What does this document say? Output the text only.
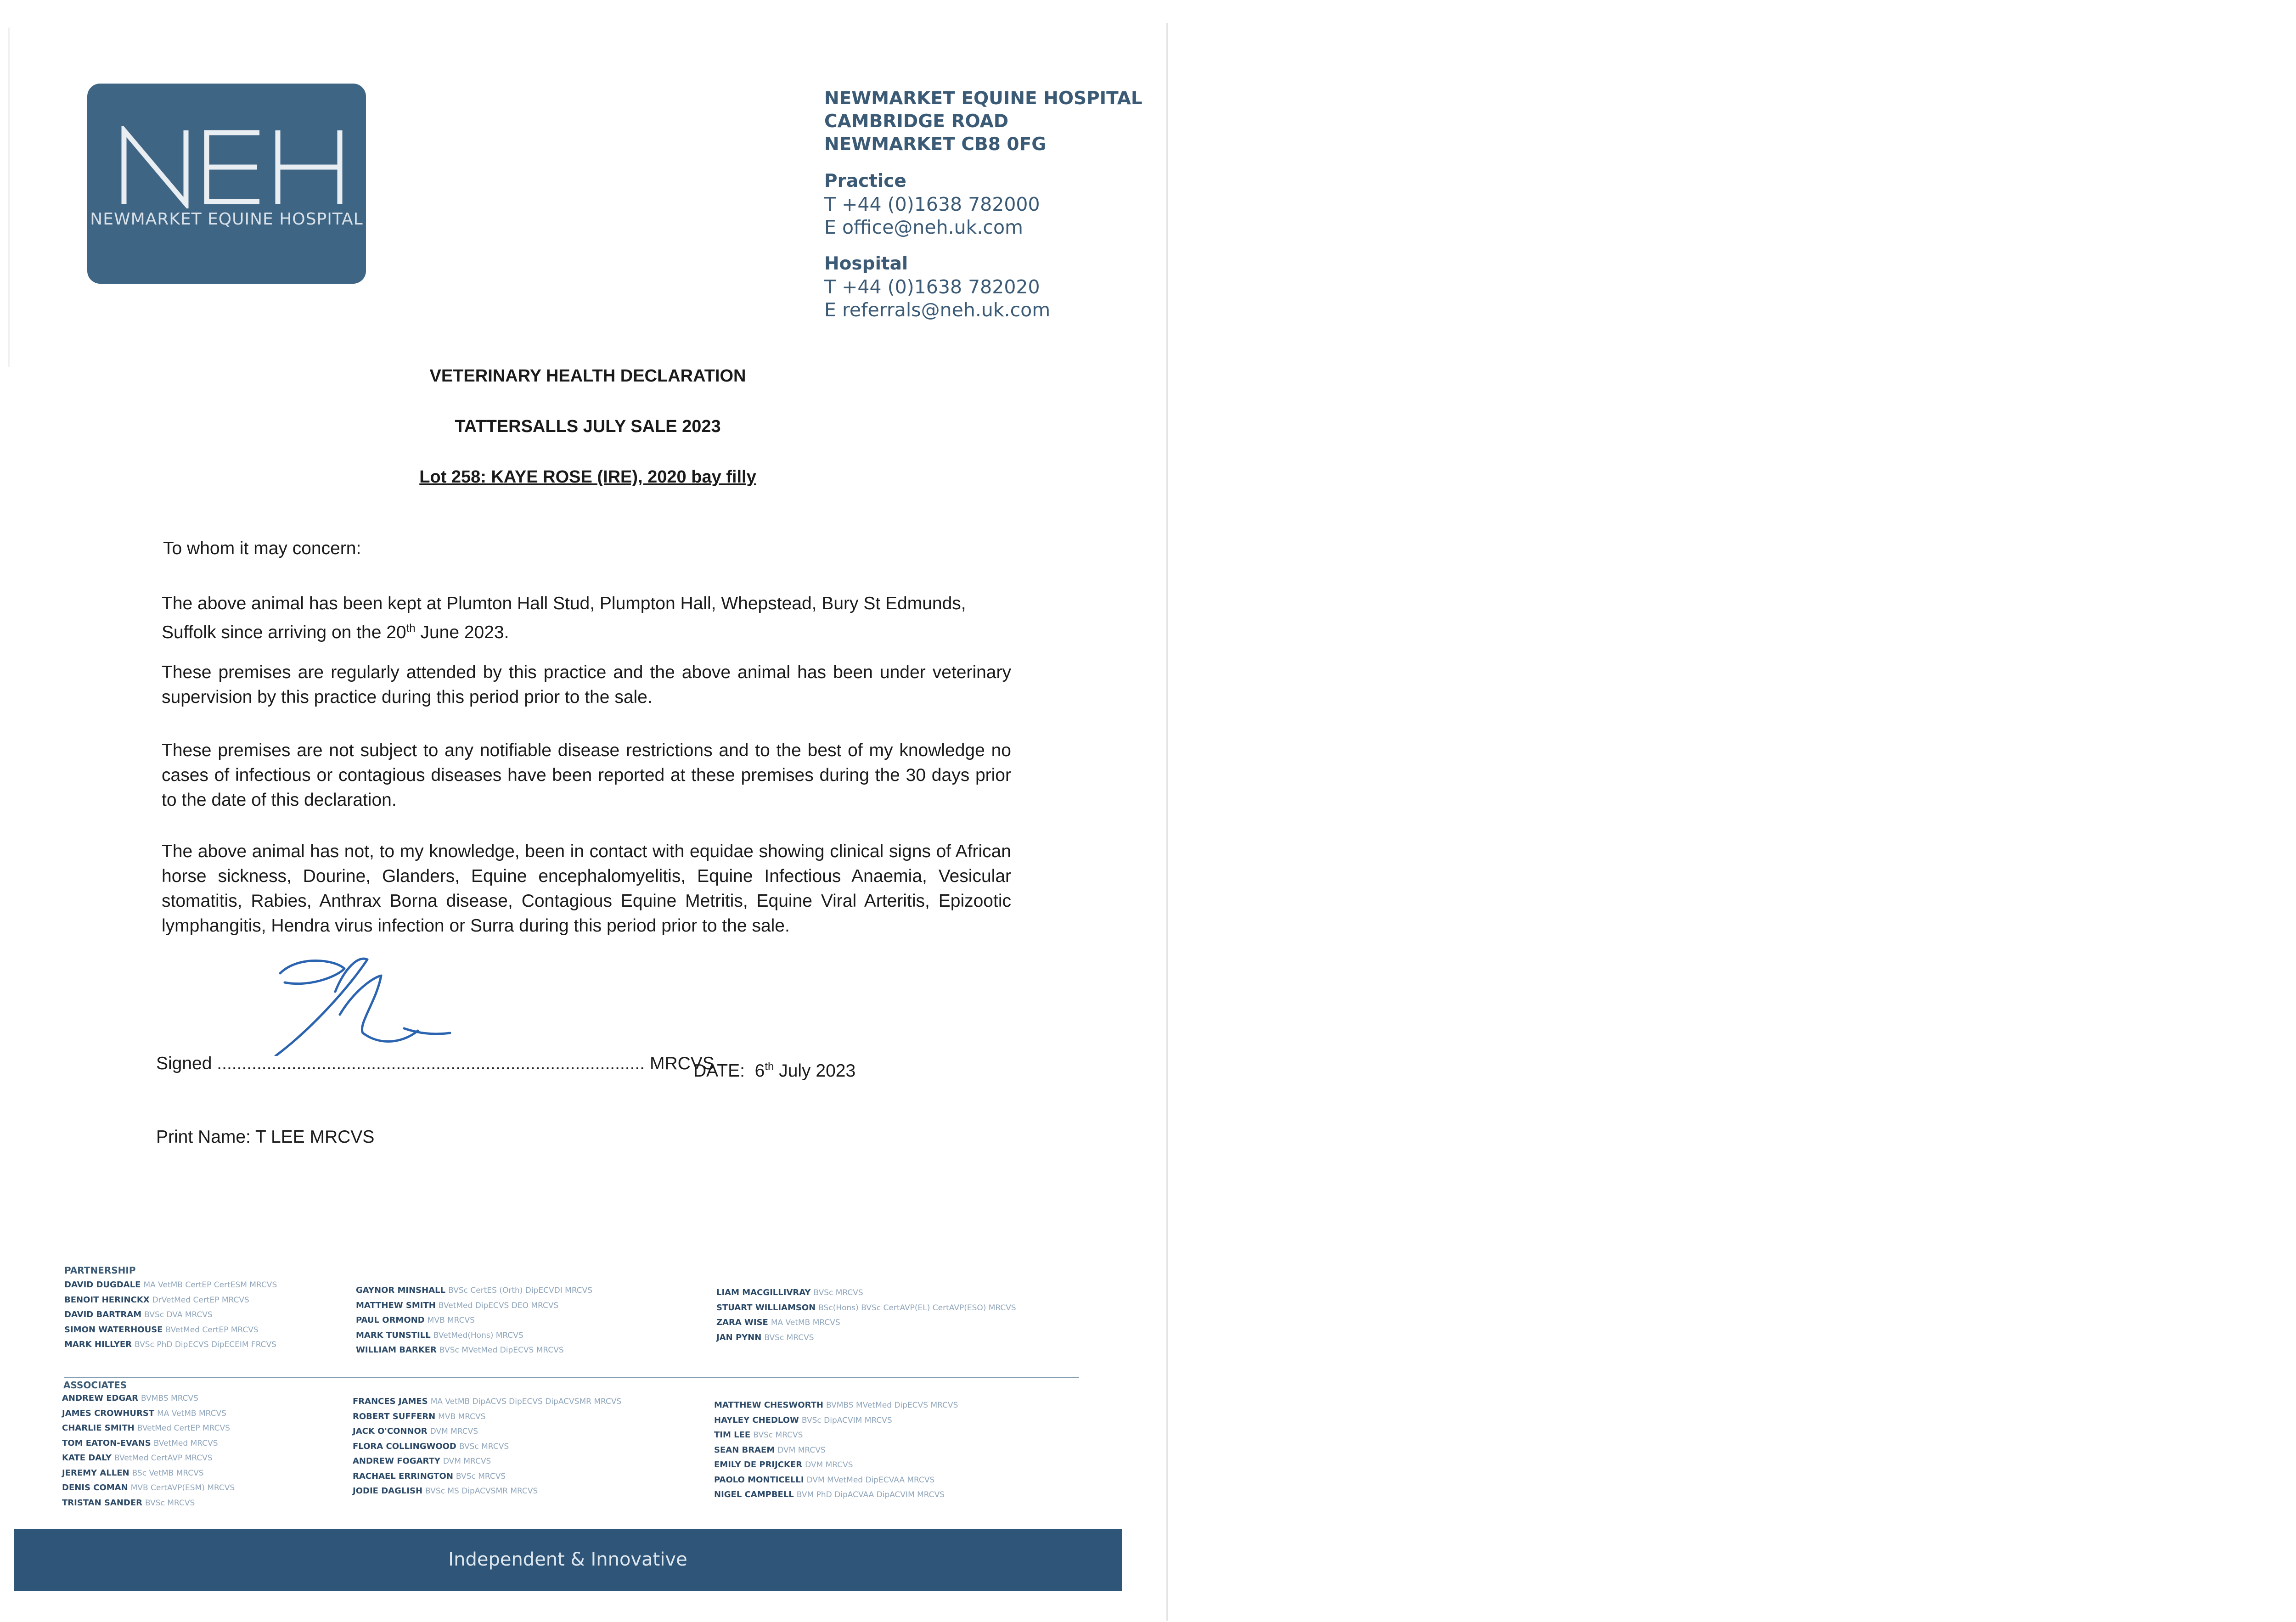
NEWMARKET EQUINE HOSPITAL
NEWMARKET EQUINE HOSPITAL
CAMBRIDGE ROAD
NEWMARKET CB8 0FG
Practice
T +44 (0)1638 782000
E office@neh.uk.com
Hospital
T +44 (0)1638 782020
E referrals@neh.uk.com
VETERINARY HEALTH DECLARATION
TATTERSALLS JULY SALE 2023
Lot 258: KAYE ROSE (IRE), 2020 bay filly
To whom it may concern:
The above animal has been kept at Plumton Hall Stud, Plumpton Hall, Whepstead, Bury St Edmunds,
Suffolk since arriving on the 20th June 2023.
These premises are regularly attended by this practice and the above animal has been under veterinary supervision by this practice during this period prior to the sale.
These premises are not subject to any notifiable disease restrictions and to the best of my knowledge no cases of infectious or contagious diseases have been reported at these premises during the 30 days prior to the date of this declaration.
The above animal has not, to my knowledge, been in contact with equidae showing clinical signs of African horse sickness, Dourine, Glanders, Equine encephalomyelitis, Equine Infectious Anaemia, Vesicular stomatitis, Rabies, Anthrax Borna disease, Contagious Equine Metritis, Equine Viral Arteritis, Epizootic lymphangitis, Hendra virus infection or Surra during this period prior to the sale.
Signed ...................................................................................... MRCVS
DATE: 6th July 2023
Print Name: T LEE MRCVS
PARTNERSHIP
DAVID DUGDALE MA VetMB CertEP CertESM MRCVS
BENOIT HERINCKX DrVetMed CertEP MRCVS
DAVID BARTRAM BVSc DVA MRCVS
SIMON WATERHOUSE BVetMed CertEP MRCVS
MARK HILLYER BVSc PhD DipECVS DipECEIM FRCVS
GAYNOR MINSHALL BVSc CertES (Orth) DipECVDI MRCVS
MATTHEW SMITH BVetMed DipECVS DEO MRCVS
PAUL ORMOND MVB MRCVS
MARK TUNSTILL BVetMed(Hons) MRCVS
WILLIAM BARKER BVSc MVetMed DipECVS MRCVS
LIAM MACGILLIVRAY BVSc MRCVS
STUART WILLIAMSON BSc(Hons) BVSc CertAVP(EL) CertAVP(ESO) MRCVS
ZARA WISE MA VetMB MRCVS
JAN PYNN BVSc MRCVS
ASSOCIATES
ANDREW EDGAR BVMBS MRCVS
JAMES CROWHURST MA VetMB MRCVS
CHARLIE SMITH BVetMed CertEP MRCVS
TOM EATON-EVANS BVetMed MRCVS
KATE DALY BVetMed CertAVP MRCVS
JEREMY ALLEN BSc VetMB MRCVS
DENIS COMAN MVB CertAVP(ESM) MRCVS
TRISTAN SANDER BVSc MRCVS
FRANCES JAMES MA VetMB DipACVS DipECVS DipACVSMR MRCVS
ROBERT SUFFERN MVB MRCVS
JACK O'CONNOR DVM MRCVS
FLORA COLLINGWOOD BVSc MRCVS
ANDREW FOGARTY DVM MRCVS
RACHAEL ERRINGTON BVSc MRCVS
JODIE DAGLISH BVSc MS DipACVSMR MRCVS
MATTHEW CHESWORTH BVMBS MVetMed DipECVS MRCVS
HAYLEY CHEDLOW BVSc DipACVIM MRCVS
TIM LEE BVSc MRCVS
SEAN BRAEM DVM MRCVS
EMILY DE PRIJCKER DVM MRCVS
PAOLO MONTICELLI DVM MVetMed DipECVAA MRCVS
NIGEL CAMPBELL BVM PhD DipACVAA DipACVIM MRCVS
Independent & Innovative
